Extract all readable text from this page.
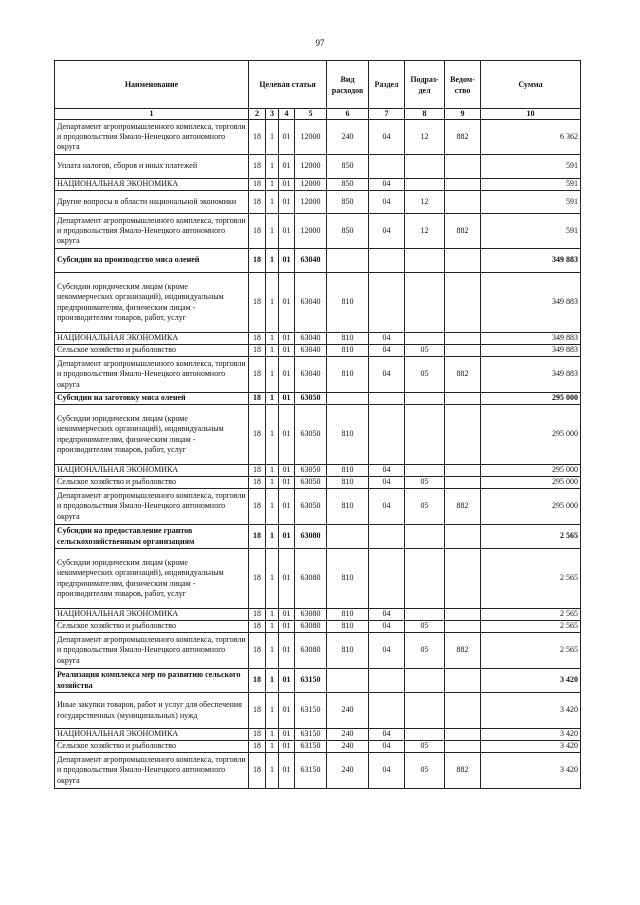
97
Наименование	Целевая статья				Вид расходов	Раздел	Подраз-дел	Ведом-ство	Сумма
1	2	3	4	5	6	7	8	9	10
Департамент агропромышленного комплекса, торговли и продовольствия Ямало-Ненецкого автономного округа	18	1	01	12000	240	04	12	882	6 362
Уплата налогов, сборов и иных платежей	18	1	01	12000	850				591
НАЦИОНАЛЬНАЯ ЭКОНОМИКА	18	1	01	12000	850	04			591
Другие вопросы в области национальной экономики	18	1	01	12000	850	04	12		591
Департамент агропромышленного комплекса, торговли и продовольствия Ямало-Ненецкого автономного округа	18	1	01	12000	850	04	12	882	591
Субсидии на производство мяса оленей	18	1	01	63040					349 883
Субсидии юридическим лицам (кроме некоммерческих организаций), индивидуальным предпринимателям, физическим лицам - производителям товаров, работ, услуг	18	1	01	63040	810				349 883
НАЦИОНАЛЬНАЯ ЭКОНОМИКА	18	1	01	63040	810	04			349 883
Сельское хозяйство и рыболовство	18	1	01	63040	810	04	05		349 883
Департамент агропромышленного комплекса, торговли и продовольствия Ямало-Ненецкого автономного округа	18	1	01	63040	810	04	05	882	349 883
Субсидии на заготовку мяса оленей	18	1	01	63050					295 000
Субсидии юридическим лицам (кроме некоммерческих организаций), индивидуальным предпринимателям, физическим лицам - производителям товаров, работ, услуг	18	1	01	63050	810				295 000
НАЦИОНАЛЬНАЯ ЭКОНОМИКА	18	1	01	63050	810	04			295 000
Сельское хозяйство и рыболовство	18	1	01	63050	810	04	05		295 000
Департамент агропромышленного комплекса, торговли и продовольствия Ямало-Ненецкого автономного округа	18	1	01	63050	810	04	05	882	295 000
Субсидии на предоставление грантов сельскохозяйственным организациям	18	1	01	63080					2 565
Субсидии юридическим лицам (кроме некоммерческих организаций), индивидуальным предпринимателям, физическим лицам - производителям товаров, работ, услуг	18	1	01	63080	810				2 565
НАЦИОНАЛЬНАЯ ЭКОНОМИКА	18	1	01	63080	810	04			2 565
Сельское хозяйство и рыболовство	18	1	01	63080	810	04	05		2 565
Департамент агропромышленного комплекса, торговли и продовольствия Ямало-Ненецкого автономного округа	18	1	01	63080	810	04	05	882	2 565
Реализация комплекса мер по развитию сельского хозяйства	18	1	01	63150					3 420
Иные закупки товаров, работ и услуг для обеспечения государственных (муниципальных) нужд	18	1	01	63150	240				3 420
НАЦИОНАЛЬНАЯ ЭКОНОМИКА	18	1	01	63150	240	04			3 420
Сельское хозяйство и рыболовство	18	1	01	63150	240	04	05		3 420
Департамент агропромышленного комплекса, торговли и продовольствия Ямало-Ненецкого автономного округа	18	1	01	63150	240	04	05	882	3 420
